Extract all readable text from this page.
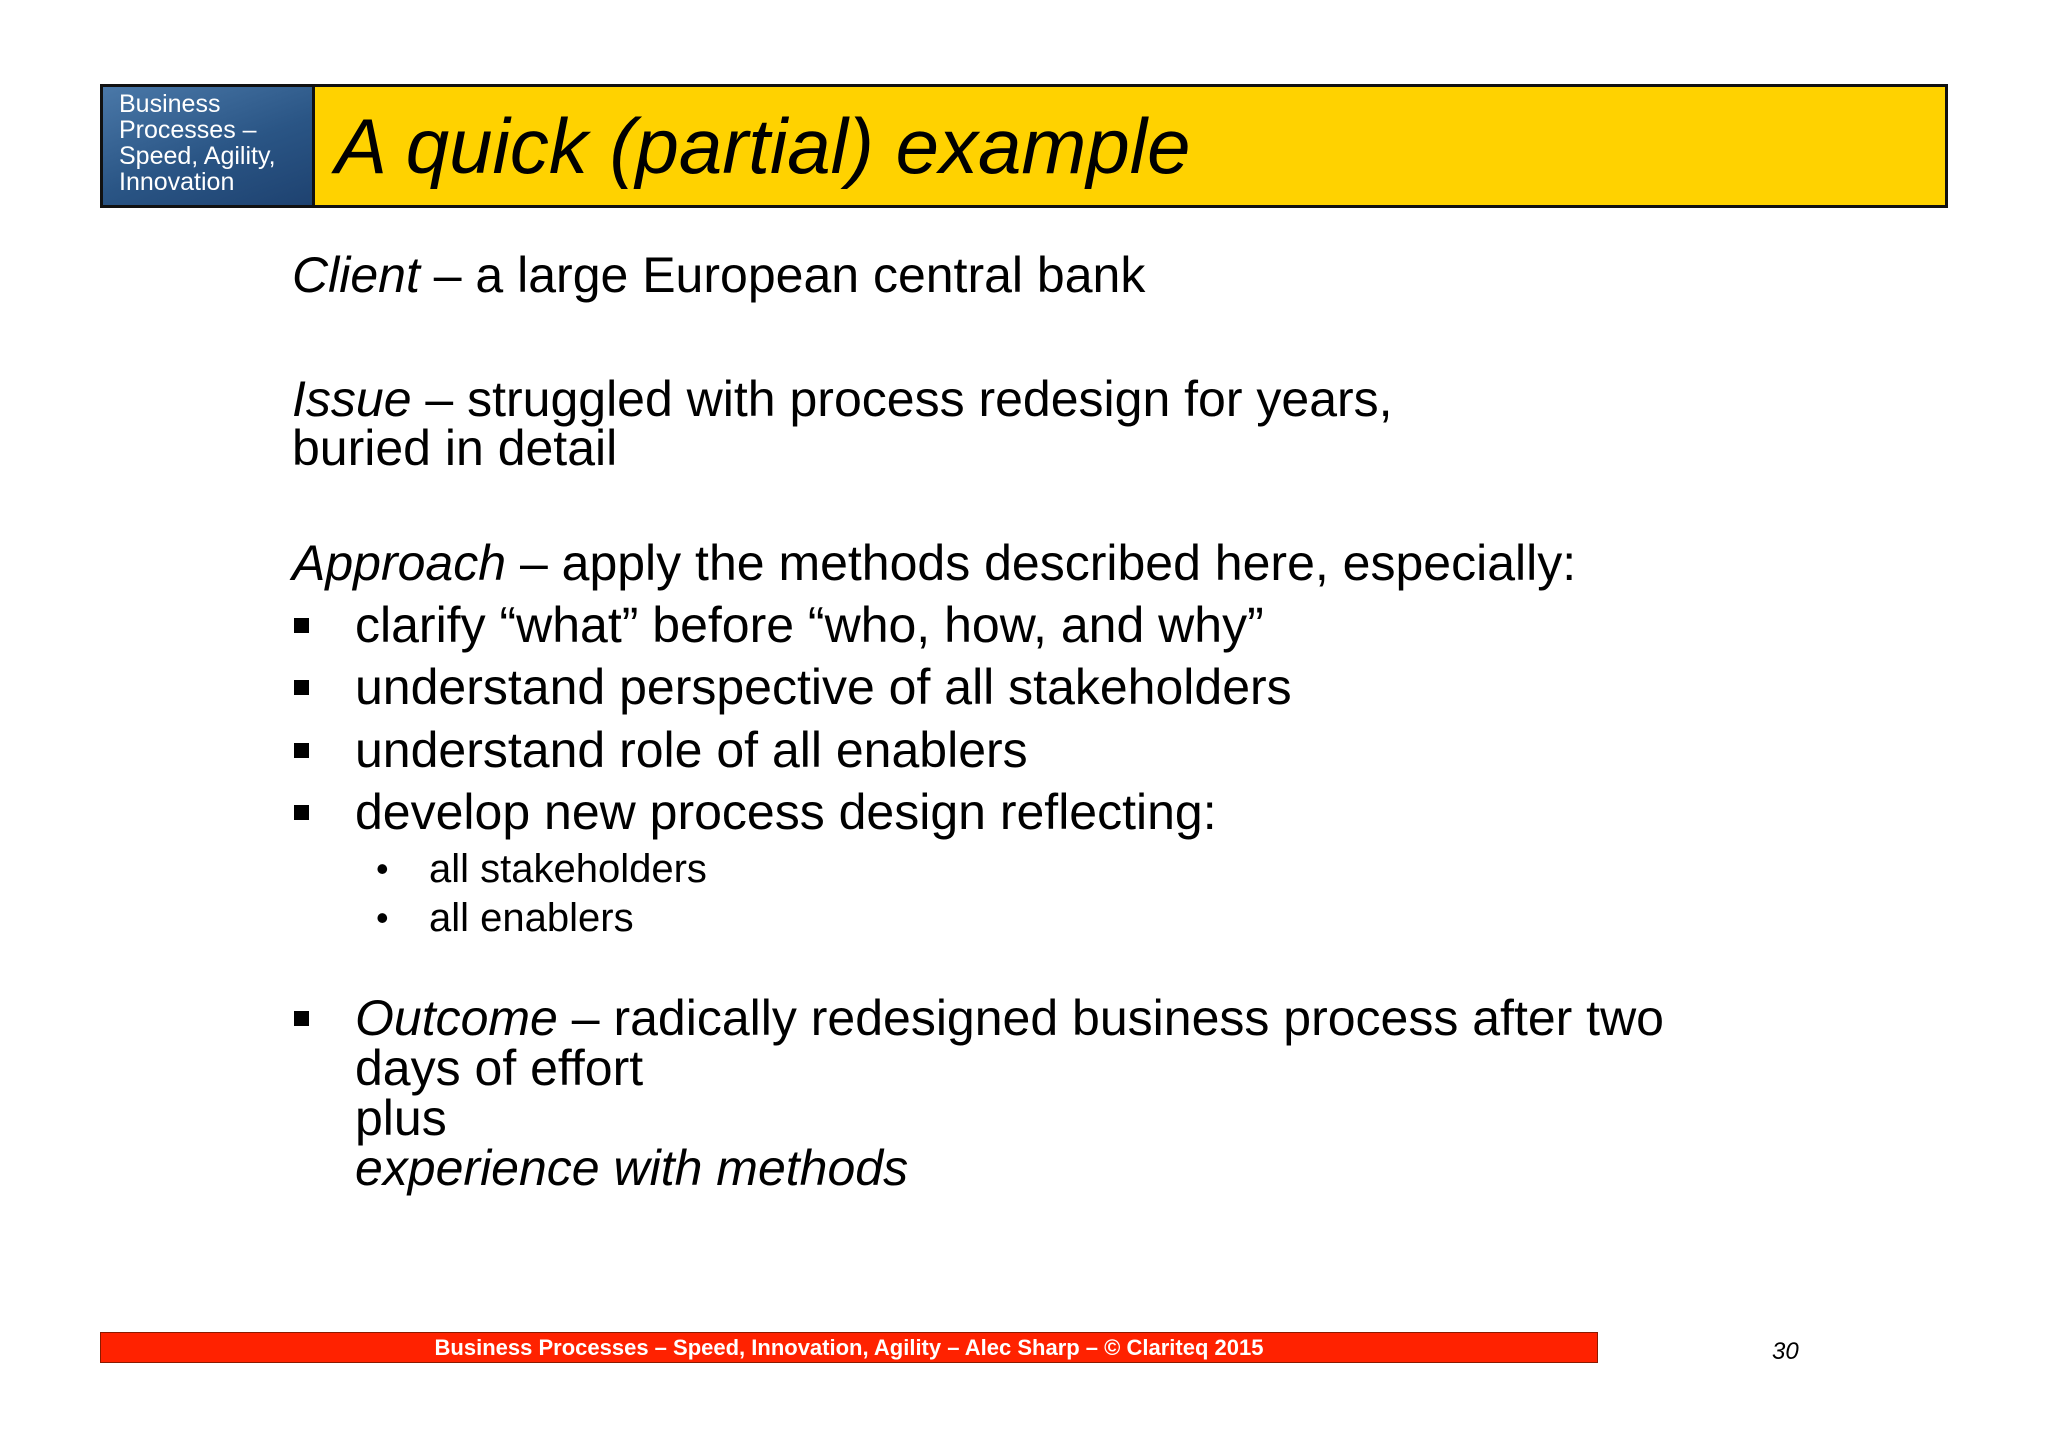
Business
Processes –
Speed, Agility,
Innovation	A quick (partial) example
Client – a large European central bank
Issue – struggled with process redesign for years,
buried in detail
Approach – apply the methods described here, especially:
clarify “what” before “who, how, and why”
understand perspective of all stakeholders
understand role of all enablers
develop new process design reflecting:
• all stakeholders
• all enablers
Outcome – radically redesigned business process after two
days of effort
plus
experience with methods
Business Processes – Speed, Innovation, Agility – Alec Sharp – © Clariteq 2015	30
